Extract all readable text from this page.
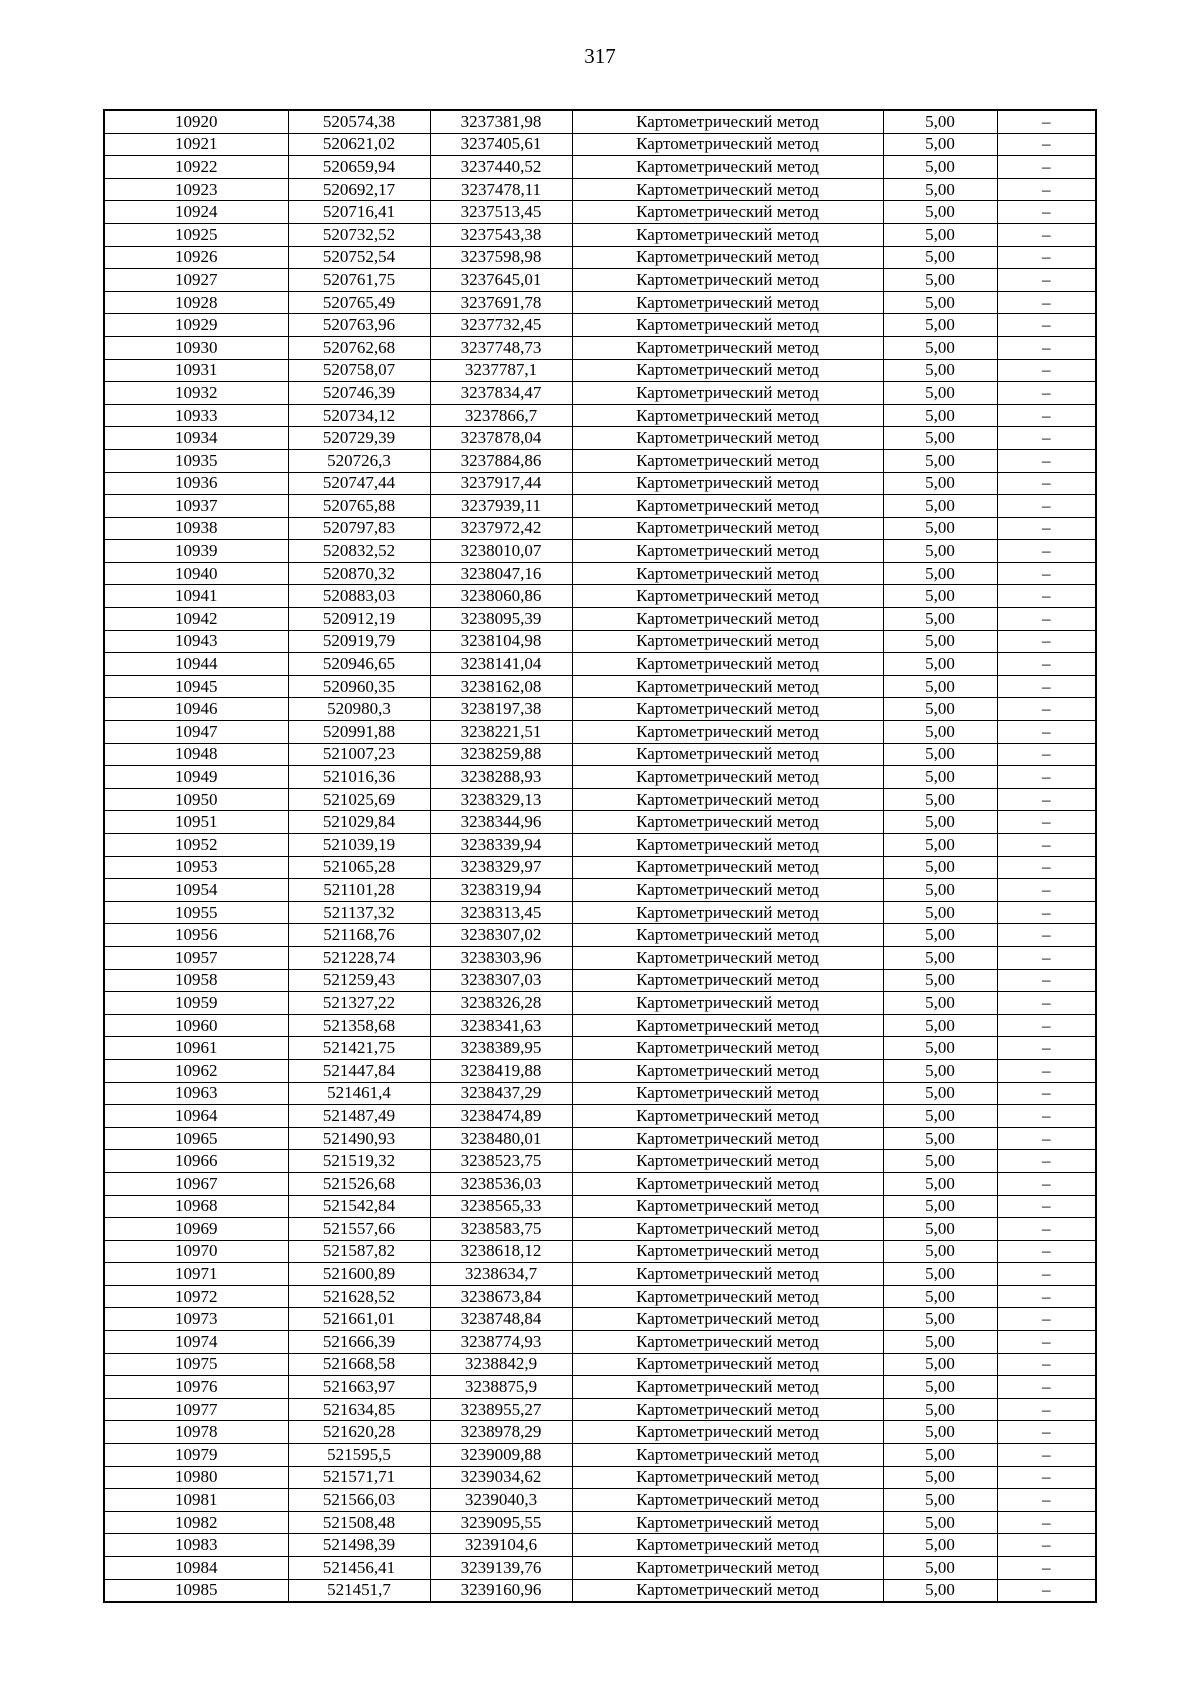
317
10920	520574,38	3237381,98	Картометрический метод	5,00	–
10921	520621,02	3237405,61	Картометрический метод	5,00	–
10922	520659,94	3237440,52	Картометрический метод	5,00	–
10923	520692,17	3237478,11	Картометрический метод	5,00	–
10924	520716,41	3237513,45	Картометрический метод	5,00	–
10925	520732,52	3237543,38	Картометрический метод	5,00	–
10926	520752,54	3237598,98	Картометрический метод	5,00	–
10927	520761,75	3237645,01	Картометрический метод	5,00	–
10928	520765,49	3237691,78	Картометрический метод	5,00	–
10929	520763,96	3237732,45	Картометрический метод	5,00	–
10930	520762,68	3237748,73	Картометрический метод	5,00	–
10931	520758,07	3237787,1	Картометрический метод	5,00	–
10932	520746,39	3237834,47	Картометрический метод	5,00	–
10933	520734,12	3237866,7	Картометрический метод	5,00	–
10934	520729,39	3237878,04	Картометрический метод	5,00	–
10935	520726,3	3237884,86	Картометрический метод	5,00	–
10936	520747,44	3237917,44	Картометрический метод	5,00	–
10937	520765,88	3237939,11	Картометрический метод	5,00	–
10938	520797,83	3237972,42	Картометрический метод	5,00	–
10939	520832,52	3238010,07	Картометрический метод	5,00	–
10940	520870,32	3238047,16	Картометрический метод	5,00	–
10941	520883,03	3238060,86	Картометрический метод	5,00	–
10942	520912,19	3238095,39	Картометрический метод	5,00	–
10943	520919,79	3238104,98	Картометрический метод	5,00	–
10944	520946,65	3238141,04	Картометрический метод	5,00	–
10945	520960,35	3238162,08	Картометрический метод	5,00	–
10946	520980,3	3238197,38	Картометрический метод	5,00	–
10947	520991,88	3238221,51	Картометрический метод	5,00	–
10948	521007,23	3238259,88	Картометрический метод	5,00	–
10949	521016,36	3238288,93	Картометрический метод	5,00	–
10950	521025,69	3238329,13	Картометрический метод	5,00	–
10951	521029,84	3238344,96	Картометрический метод	5,00	–
10952	521039,19	3238339,94	Картометрический метод	5,00	–
10953	521065,28	3238329,97	Картометрический метод	5,00	–
10954	521101,28	3238319,94	Картометрический метод	5,00	–
10955	521137,32	3238313,45	Картометрический метод	5,00	–
10956	521168,76	3238307,02	Картометрический метод	5,00	–
10957	521228,74	3238303,96	Картометрический метод	5,00	–
10958	521259,43	3238307,03	Картометрический метод	5,00	–
10959	521327,22	3238326,28	Картометрический метод	5,00	–
10960	521358,68	3238341,63	Картометрический метод	5,00	–
10961	521421,75	3238389,95	Картометрический метод	5,00	–
10962	521447,84	3238419,88	Картометрический метод	5,00	–
10963	521461,4	3238437,29	Картометрический метод	5,00	–
10964	521487,49	3238474,89	Картометрический метод	5,00	–
10965	521490,93	3238480,01	Картометрический метод	5,00	–
10966	521519,32	3238523,75	Картометрический метод	5,00	–
10967	521526,68	3238536,03	Картометрический метод	5,00	–
10968	521542,84	3238565,33	Картометрический метод	5,00	–
10969	521557,66	3238583,75	Картометрический метод	5,00	–
10970	521587,82	3238618,12	Картометрический метод	5,00	–
10971	521600,89	3238634,7	Картометрический метод	5,00	–
10972	521628,52	3238673,84	Картометрический метод	5,00	–
10973	521661,01	3238748,84	Картометрический метод	5,00	–
10974	521666,39	3238774,93	Картометрический метод	5,00	–
10975	521668,58	3238842,9	Картометрический метод	5,00	–
10976	521663,97	3238875,9	Картометрический метод	5,00	–
10977	521634,85	3238955,27	Картометрический метод	5,00	–
10978	521620,28	3238978,29	Картометрический метод	5,00	–
10979	521595,5	3239009,88	Картометрический метод	5,00	–
10980	521571,71	3239034,62	Картометрический метод	5,00	–
10981	521566,03	3239040,3	Картометрический метод	5,00	–
10982	521508,48	3239095,55	Картометрический метод	5,00	–
10983	521498,39	3239104,6	Картометрический метод	5,00	–
10984	521456,41	3239139,76	Картометрический метод	5,00	–
10985	521451,7	3239160,96	Картометрический метод	5,00	–
